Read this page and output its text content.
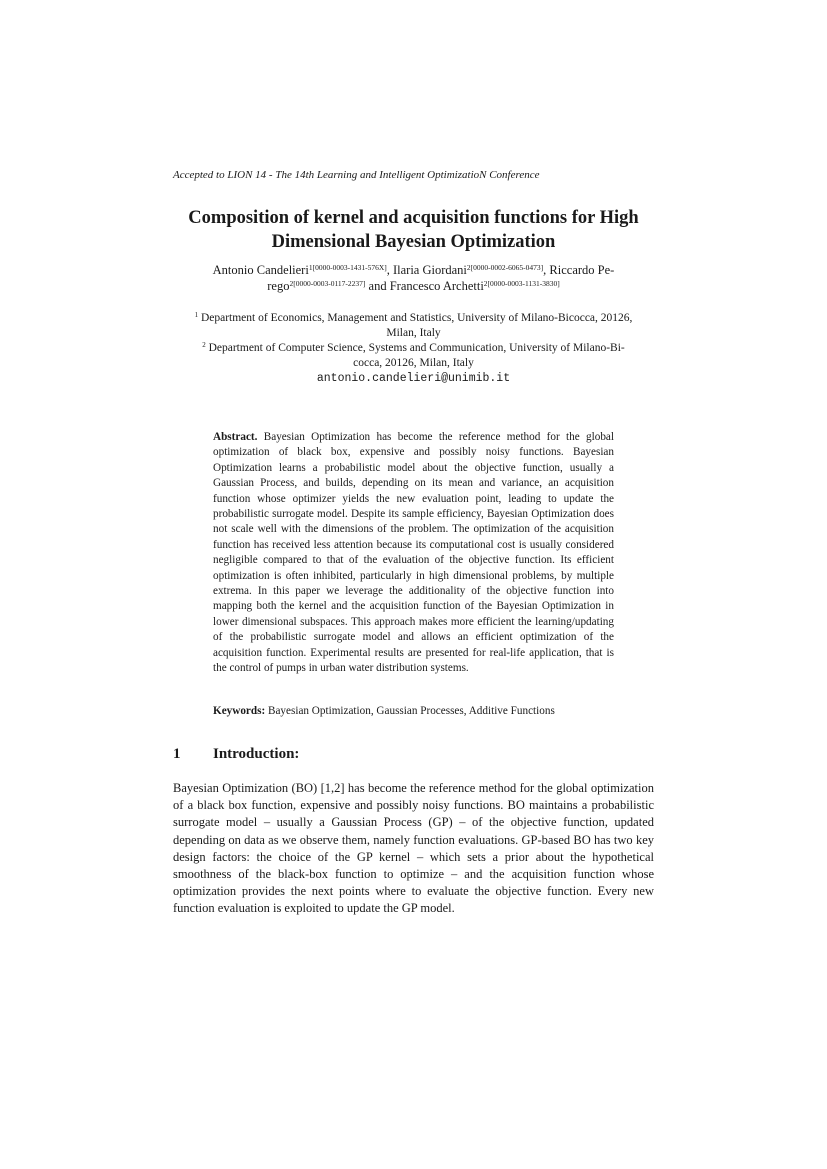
Accepted to LION 14 - The 14th Learning and Intelligent OptimizatioN Conference
Composition of kernel and acquisition functions for High
Dimensional Bayesian Optimization
Antonio Candelieri$^{1[0000-0003-1431-576X]}$, Ilaria Giordani$^{2[0000-0002-6065-0473]}$, Riccardo Pe-
rego$^{2[0000-0003-0117-2237]}$ and Francesco Archetti$^{2[0000-0003-1131-3830]}$
$^1$ Department of Economics, Management and Statistics, University of Milano-Bicocca, 20126,
Milan, Italy
$^2$ Department of Computer Science, Systems and Communication, University of Milano-Bi-
cocca, 20126, Milan, Italy
antonio.candelieri@unimib.it

Abstract. Bayesian Optimization has become the reference method for the global optimization of black box, expensive and possibly noisy functions. Bayesian Optimization learns a probabilistic model about the objective function, usually a Gaussian Process, and builds, depending on its mean and variance, an acquisition function whose optimizer yields the new evaluation point, leading to update the probabilistic surrogate model. Despite its sample efficiency, Bayesian Optimization does not scale well with the dimensions of the problem. The optimization of the acquisition function has received less attention because its computational cost is usually considered negligible compared to that of the evaluation of the objective function. Its efficient optimization is often inhibited, particularly in high dimensional problems, by multiple extrema. In this paper we leverage the additionality of the objective function into mapping both the kernel and the acquisition function of the Bayesian Optimization in lower dimensional subspaces. This approach makes more efficient the learning/updating of the probabilistic surrogate model and allows an efficient optimization of the acquisition function. Experimental results are presented for real-life application, that is the control of pumps in urban water distribution systems.

Keywords: Bayesian Optimization, Gaussian Processes, Additive Functions

1 Introduction:

Bayesian Optimization (BO) [1,2] has become the reference method for the global optimization of a black box function, expensive and possibly noisy functions. BO maintains a probabilistic surrogate model – usually a Gaussian Process (GP) – of the objective function, updated depending on data as we observe them, namely function evaluations. GP-based BO has two key design factors: the choice of the GP kernel – which sets a prior about the hypothetical smoothness of the black-box function to optimize – and the acquisition function whose optimization provides the next points where to evaluate the objective function. Every new function evaluation is exploited to update the GP model.
